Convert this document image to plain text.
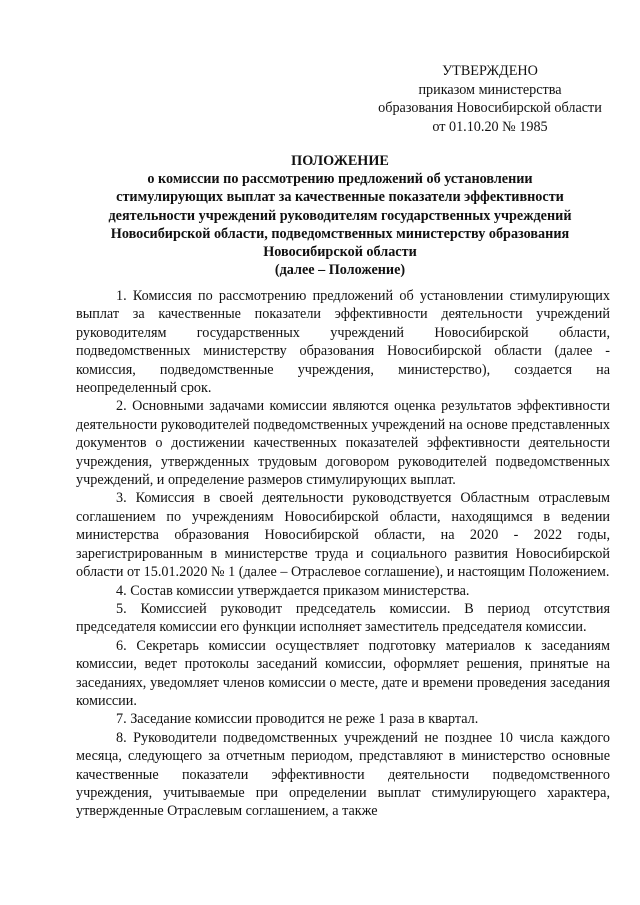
УТВЕРЖДЕНО
приказом министерства
образования Новосибирской области
от 01.10.20 № 1985
ПОЛОЖЕНИЕ
о комиссии по рассмотрению предложений об установлении
стимулирующих выплат за качественные показатели эффективности
деятельности учреждений руководителям государственных учреждений
Новосибирской области, подведомственных министерству образования
Новосибирской области
(далее – Положение)

1. Комиссия по рассмотрению предложений об установлении стимулирующих выплат за качественные показатели эффективности деятельности учреждений руководителям государственных учреждений Новосибирской области, подведомственных министерству образования Новосибирской области (далее - комиссия, подведомственные учреждения, министерство), создается на неопределенный срок.

2. Основными задачами комиссии являются оценка результатов эффективности деятельности руководителей подведомственных учреждений на основе представленных документов о достижении качественных показателей эффективности деятельности учреждения, утвержденных трудовым договором руководителей подведомственных учреждений, и определение размеров стимулирующих выплат.

3. Комиссия в своей деятельности руководствуется Областным отраслевым соглашением по учреждениям Новосибирской области, находящимся в ведении министерства образования Новосибирской области, на 2020 - 2022 годы, зарегистрированным в министерстве труда и социального развития Новосибирской области от 15.01.2020 № 1 (далее – Отраслевое соглашение), и настоящим Положением.

4. Состав комиссии утверждается приказом министерства.

5. Комиссией руководит председатель комиссии. В период отсутствия председателя комиссии его функции исполняет заместитель председателя комиссии.

6. Секретарь комиссии осуществляет подготовку материалов к заседаниям комиссии, ведет протоколы заседаний комиссии, оформляет решения, принятые на заседаниях, уведомляет членов комиссии о месте, дате и времени проведения заседания комиссии.

7. Заседание комиссии проводится не реже 1 раза в квартал.

8. Руководители подведомственных учреждений не позднее 10 числа каждого месяца, следующего за отчетным периодом, представляют в министерство основные качественные показатели эффективности деятельности подведомственного учреждения, учитываемые при определении выплат стимулирующего характера, утвержденные Отраслевым соглашением, а также
